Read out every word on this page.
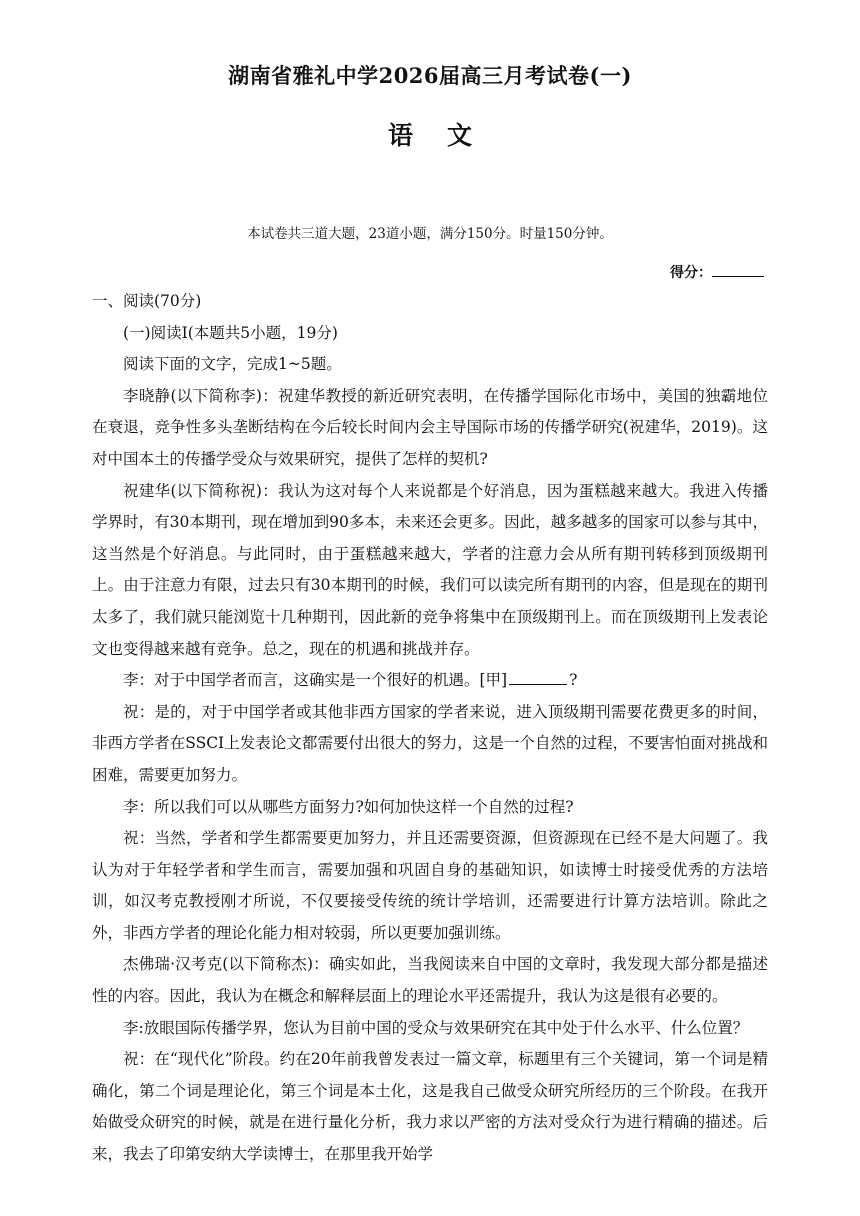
湖南省雅礼中学2026届高三月考试卷(一)
语文
本试卷共三道大题，23道小题，满分150分。时量150分钟。
得分：

一、阅读(70分)

(一)阅读Ⅰ(本题共5小题，19分)

阅读下面的文字，完成1~5题。

李晓静(以下简称李)：祝建华教授的新近研究表明，在传播学国际化市场中，美国的独霸地位在衰退，竞争性多头垄断结构在今后较长时间内会主导国际市场的传播学研究(祝建华，2019)。这对中国本土的传播学受众与效果研究，提供了怎样的契机?

祝建华(以下简称祝)：我认为这对每个人来说都是个好消息，因为蛋糕越来越大。我进入传播学界时，有30本期刊，现在增加到90多本，未来还会更多。因此，越多越多的国家可以参与其中，这当然是个好消息。与此同时，由于蛋糕越来越大，学者的注意力会从所有期刊转移到顶级期刊上。由于注意力有限，过去只有30本期刊的时候，我们可以读完所有期刊的内容，但是现在的期刊太多了，我们就只能浏览十几种期刊，因此新的竞争将集中在顶级期刊上。而在顶级期刊上发表论文也变得越来越有竞争。总之，现在的机遇和挑战并存。

李：对于中国学者而言，这确实是一个很好的机遇。[甲]	?

祝：是的，对于中国学者或其他非西方国家的学者来说，进入顶级期刊需要花费更多的时间，非西方学者在SSCI上发表论文都需要付出很大的努力，这是一个自然的过程，不要害怕面对挑战和困难，需要更加努力。

李：所以我们可以从哪些方面努力?如何加快这样一个自然的过程?

祝：当然，学者和学生都需要更加努力，并且还需要资源，但资源现在已经不是大问题了。我认为对于年轻学者和学生而言，需要加强和巩固自身的基础知识，如读博士时接受优秀的方法培训，如汉考克教授刚才所说，不仅要接受传统的统计学培训，还需要进行计算方法培训。除此之外，非西方学者的理论化能力相对较弱，所以更要加强训练。

杰佛瑞·汉考克(以下简称杰)：确实如此，当我阅读来自中国的文章时，我发现大部分都是描述性的内容。因此，我认为在概念和解释层面上的理论水平还需提升，我认为这是很有必要的。

李:放眼国际传播学界，您认为目前中国的受众与效果研究在其中处于什么水平、什么位置？

祝：在“现代化”阶段。约在20年前我曾发表过一篇文章，标题里有三个关键词，第一个词是精确化，第二个词是理论化，第三个词是本土化，这是我自己做受众研究所经历的三个阶段。在我开始做受众研究的时候，就是在进行量化分析，我力求以严密的方法对受众行为进行精确的描述。后来，我去了印第安纳大学读博士，在那里我开始学
